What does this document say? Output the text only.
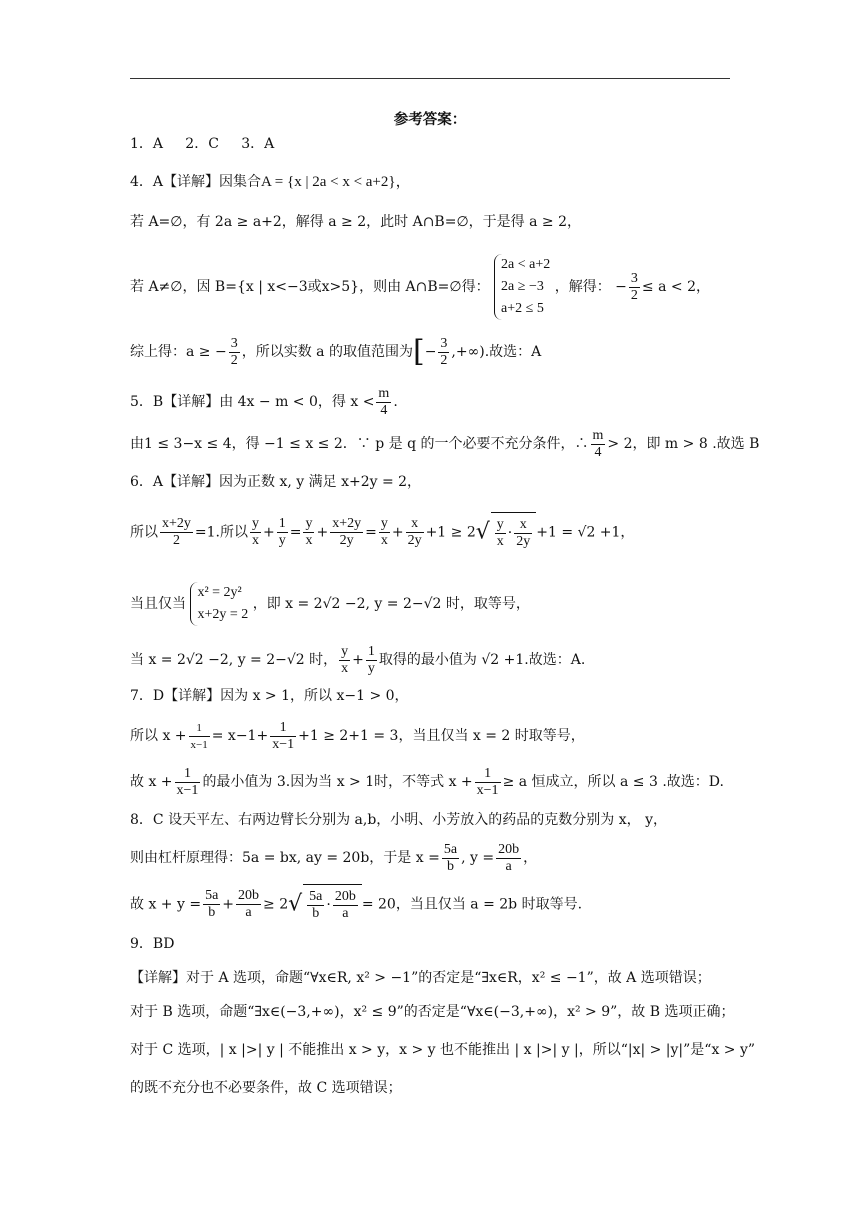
参考答案：
1．A 2．C 3．A
4．A【详解】因集合A = {x | 2a < x < a+2}，
若 A=∅，有 2a ≥ a+2，解得 a ≥ 2，此时 A∩B=∅，于是得 a ≥ 2，
若 A≠∅，因 B={x | x<−3或x>5}，则由 A∩B=∅得：
2a < a+2
2a ≥ −3
a+2 ≤ 5
，解得： − $\frac{3}{2} \le a < 2$，
综上得：a ≥ − $\frac{3}{2}$ ，所以实数 a 的取值范围为[− $\frac{3}{2}$ ,+∞).故选：A
5．B【详解】由 4x − m < 0，得 $x < \frac{m}{4}$ .
由1 ≤ 3−x ≤ 4，得 −1 ≤ x ≤ 2．∵ p 是 q 的一个必要不充分条件，∴ $\frac{m}{4} > 2$，即 m > 8 .故选 B
6．A【详解】因为正数 x, y 满足 x+2y = 2，
所以 $\frac{x+2y}{2} =1$.所以 $\frac{y}{x} + \frac{1}{y} = \frac{y}{x} + \frac{x+2y}{2y} = \frac{y}{x} + \frac{x}{2y} +1 \ge 2√ \frac{y}{x} \cdot \frac{x}{2y} +1 = √2 +1$，
当且仅当
x² = 2y²
x+2y = 2
，即 x = 2√2 −2, y = 2−√2 时，取等号，
当 x = 2√2 −2, y = 2−√2 时， $\frac{y}{x} + \frac{1}{y}$ 取得的最小值为 √2 +1.故选：A.
7．D【详解】因为 x > 1，所以 x−1 > 0，
所以 $x + \frac{1}{x-1} = x-1+ \frac{1}{x-1} +1 \ge 2+1 = 3$，当且仅当 x = 2 时取等号，
故 $x + \frac{1}{x-1}$ 的最小值为 3.因为当 x > 1时，不等式 $x + \frac{1}{x-1} \ge a$ 恒成立，所以 a ≤ 3 .故选：D.
8．C 设天平左、右两边臂长分别为 a,b，小明、小芳放入的药品的克数分别为 x， y，
则由杠杆原理得：5a = bx, ay = 20b，于是 $x = \frac{5a}{b}$ , $y = \frac{20b}{a}$ ，
故 $x + y = \frac{5a}{b} + \frac{20b}{a} \ge 2√ \frac{5a}{b} \cdot \frac{20b}{a} = 20$，当且仅当 a = 2b 时取等号.
9．BD
【详解】对于 A 选项，命题“∀x∈R, x² > −1”的否定是“∃x∈R，x² ≤ −1”，故 A 选项错误；
对于 B 选项，命题“∃x∈(−3,+∞)，x² ≤ 9”的否定是“∀x∈(−3,+∞)，x² > 9”，故 B 选项正确；
对于 C 选项，| x |>| y | 不能推出 x > y，x > y 也不能推出 | x |>| y |，所以“|x| > |y|”是“x > y”
的既不充分也不必要条件，故 C 选项错误；
